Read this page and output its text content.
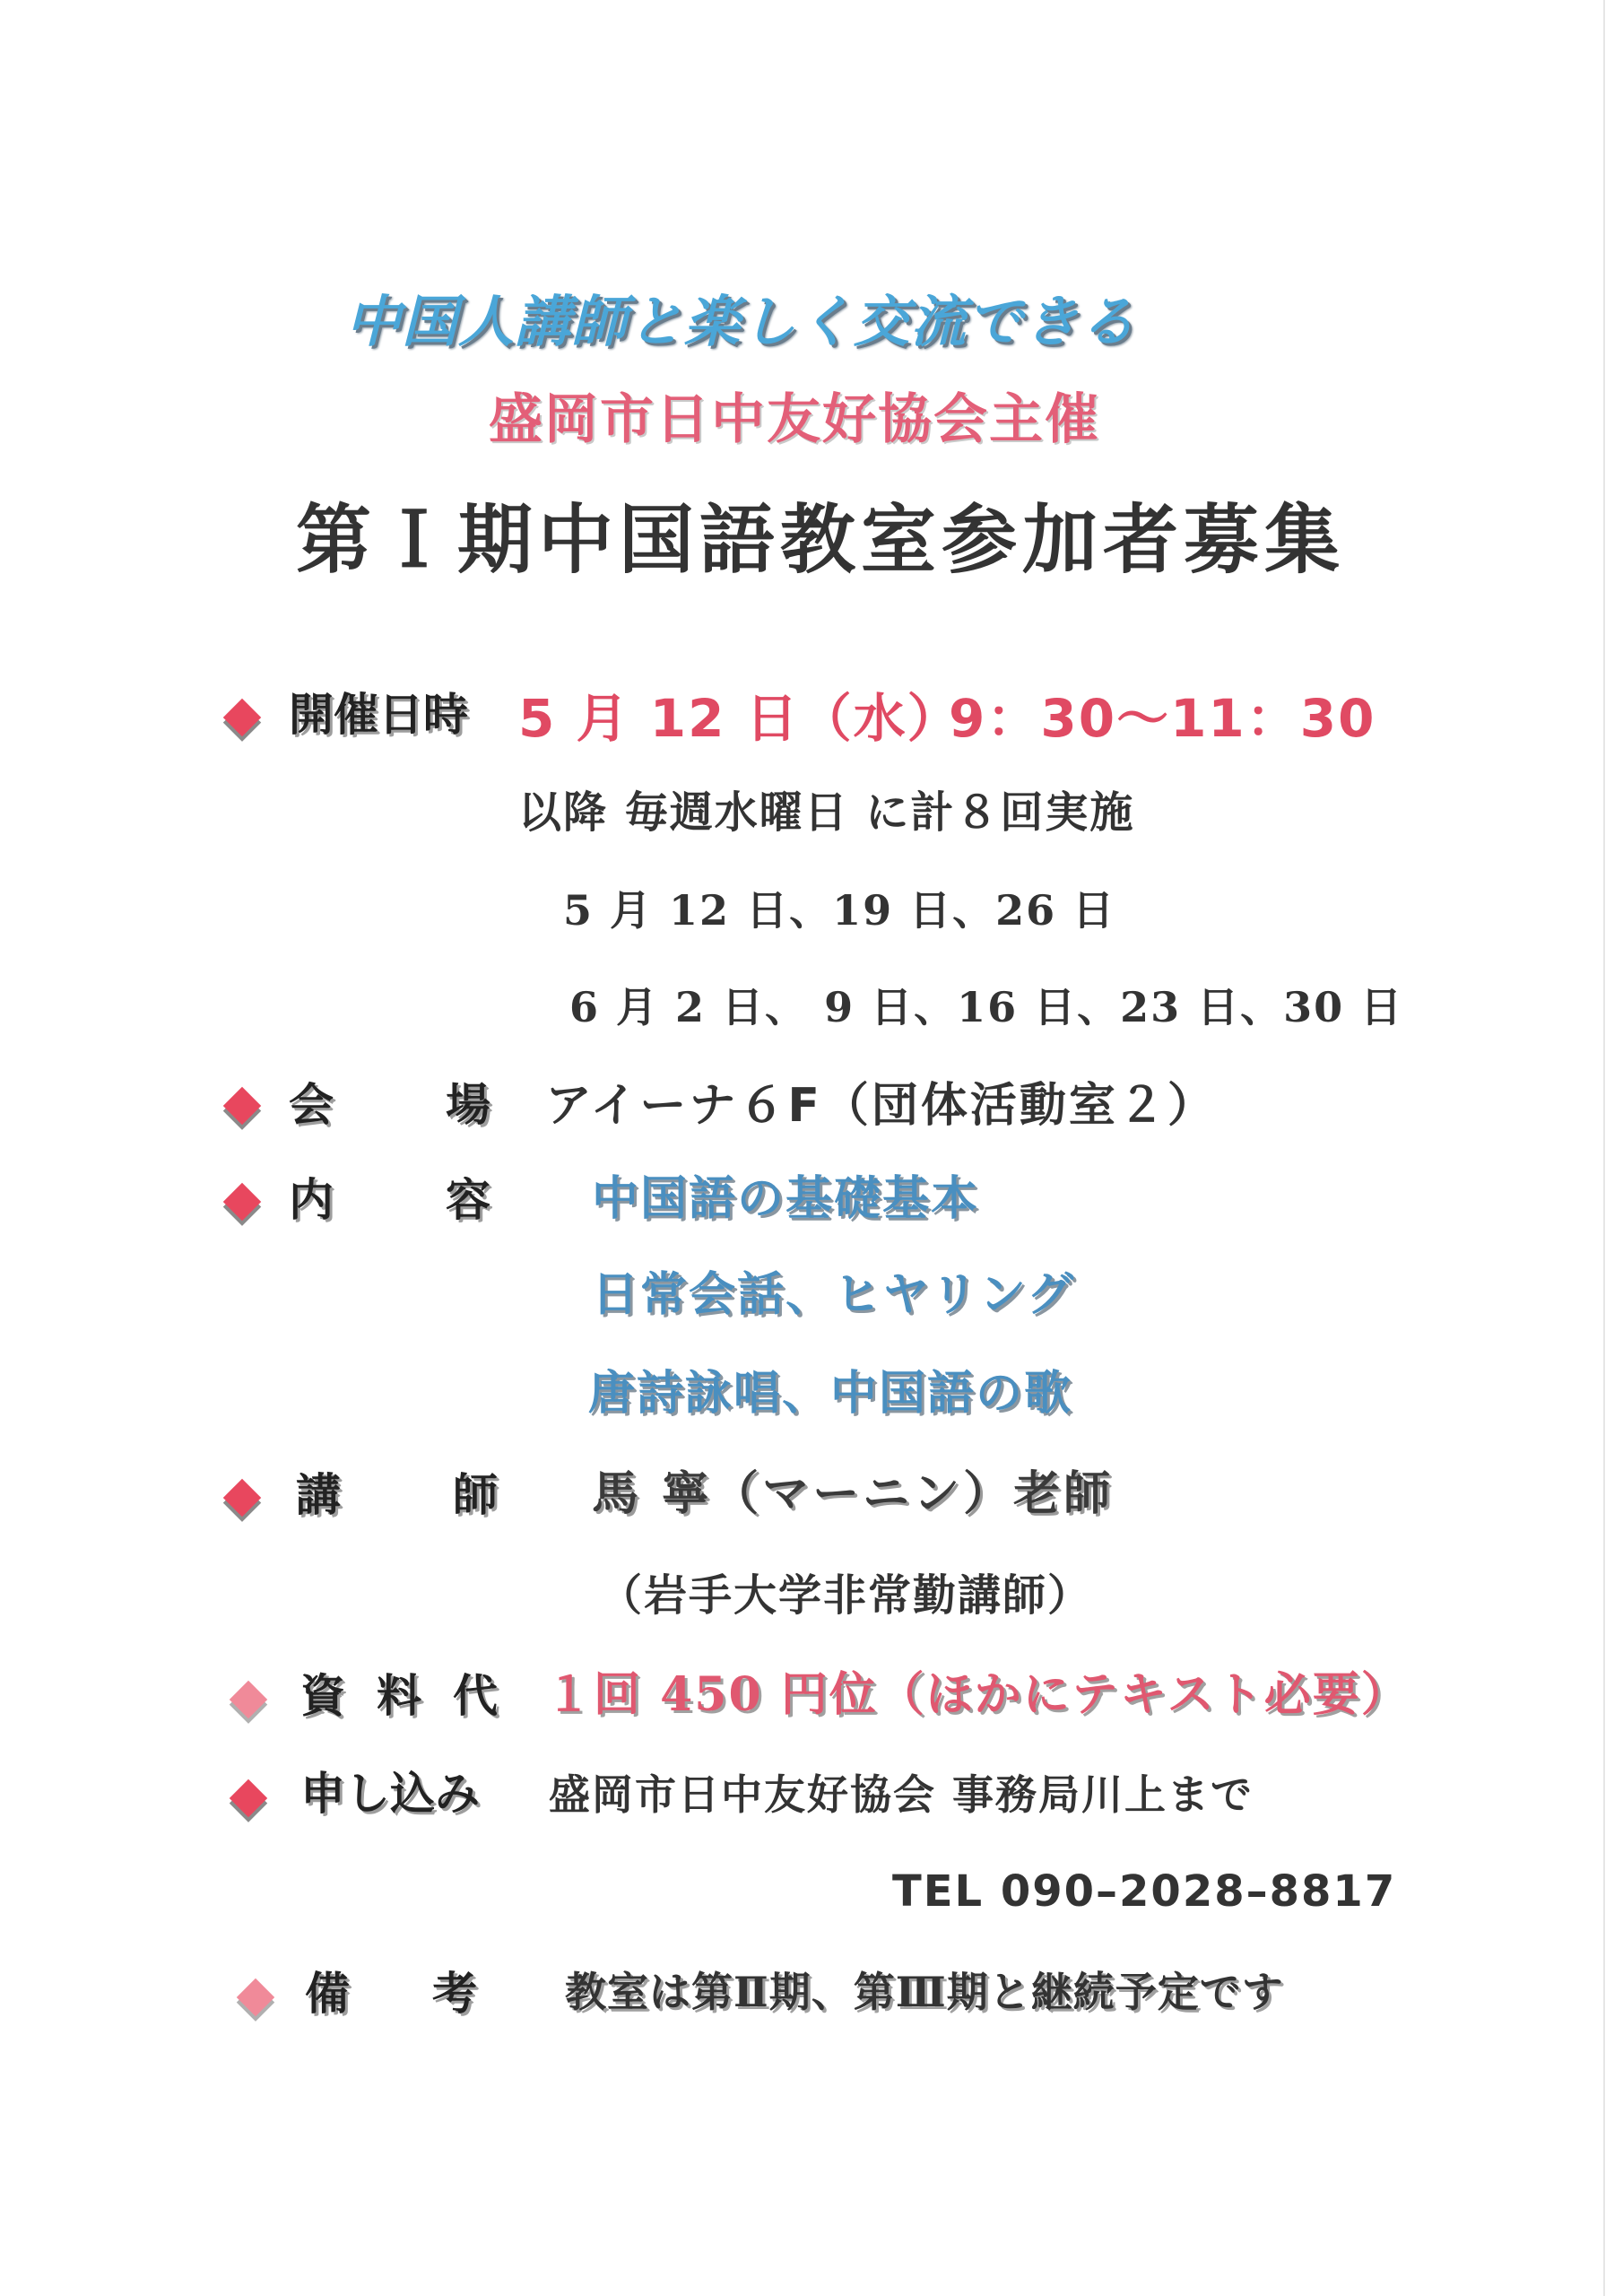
中国人講師と楽しく交流できる
盛岡市日中友好協会主催
第Ｉ期中国語教室参加者募集
開催日時 5 月 12 日（水）
9：30〜11：30
以降 毎週水曜日 に計８回実施
5 月 12 日、19 日、26 日
6 月 2 日、 9 日、16 日、23 日、30 日
会	場 アイーナ６F（団体活動室２）
内	容 中国語の基礎基本
日常会話、ヒヤリング
唐詩詠唱、中国語の歌
講	師 馬 寧（マーニン）老師
（岩手大学非常勤講師）
資 料 代 １回 450 円位（ほかにテキスト必要）
申し込み 盛岡市日中友好協会 事務局川上まで
TEL 090–2028–8817
備 考 教室は第Ⅱ期、第Ⅲ期と継続予定です
